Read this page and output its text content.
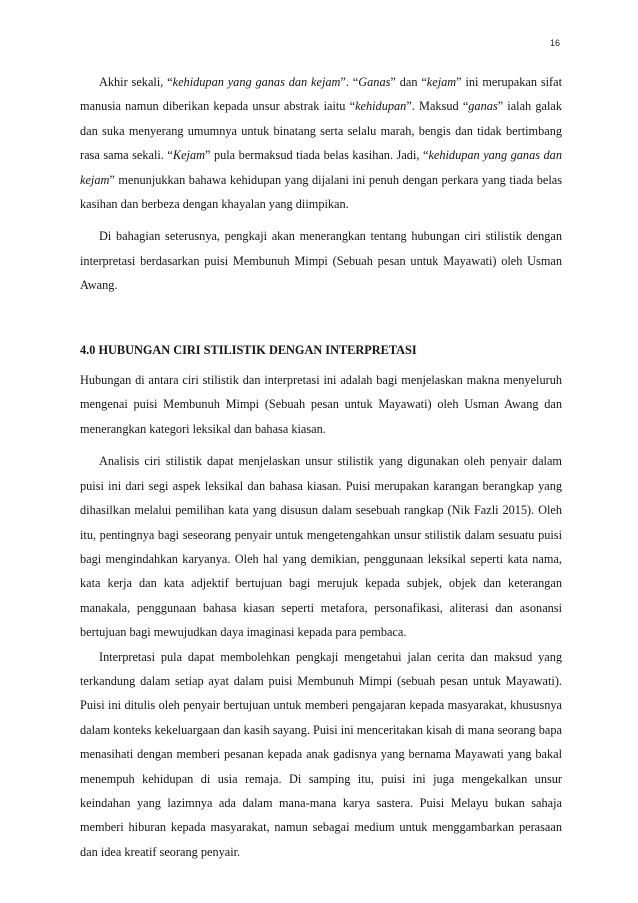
16

Akhir sekali, “kehidupan yang ganas dan kejam”. “Ganas” dan “kejam” ini merupakan sifat manusia namun diberikan kepada unsur abstrak iaitu “kehidupan”. Maksud “ganas” ialah galak dan suka menyerang umumnya untuk binatang serta selalu marah, bengis dan tidak bertimbang rasa sama sekali. “Kejam” pula bermaksud tiada belas kasihan. Jadi, “kehidupan yang ganas dan kejam” menunjukkan bahawa kehidupan yang dijalani ini penuh dengan perkara yang tiada belas kasihan dan berbeza dengan khayalan yang diimpikan.

Di bahagian seterusnya, pengkaji akan menerangkan tentang hubungan ciri stilistik dengan interpretasi berdasarkan puisi Membunuh Mimpi (Sebuah pesan untuk Mayawati) oleh Usman Awang.

4.0 HUBUNGAN CIRI STILISTIK DENGAN INTERPRETASI

Hubungan di antara ciri stilistik dan interpretasi ini adalah bagi menjelaskan makna menyeluruh mengenai puisi Membunuh Mimpi (Sebuah pesan untuk Mayawati) oleh Usman Awang dan menerangkan kategori leksikal dan bahasa kiasan.

Analisis ciri stilistik dapat menjelaskan unsur stilistik yang digunakan oleh penyair dalam puisi ini dari segi aspek leksikal dan bahasa kiasan. Puisi merupakan karangan berangkap yang dihasilkan melalui pemilihan kata yang disusun dalam sesebuah rangkap (Nik Fazli 2015). Oleh itu, pentingnya bagi seseorang penyair untuk mengetengahkan unsur stilistik dalam sesuatu puisi bagi mengindahkan karyanya. Oleh hal yang demikian, penggunaan leksikal seperti kata nama, kata kerja dan kata adjektif bertujuan bagi merujuk kepada subjek, objek dan keterangan manakala, penggunaan bahasa kiasan seperti metafora, personafikasi, aliterasi dan asonansi bertujuan bagi mewujudkan daya imaginasi kepada para pembaca.

Interpretasi pula dapat membolehkan pengkaji mengetahui jalan cerita dan maksud yang terkandung dalam setiap ayat dalam puisi Membunuh Mimpi (sebuah pesan untuk Mayawati). Puisi ini ditulis oleh penyair bertujuan untuk memberi pengajaran kepada masyarakat, khususnya dalam konteks kekeluargaan dan kasih sayang. Puisi ini menceritakan kisah di mana seorang bapa menasihati dengan memberi pesanan kepada anak gadisnya yang bernama Mayawati yang bakal menempuh kehidupan di usia remaja. Di samping itu, puisi ini juga mengekalkan unsur keindahan yang lazimnya ada dalam mana-mana karya sastera. Puisi Melayu bukan sahaja memberi hiburan kepada masyarakat, namun sebagai medium untuk menggambarkan perasaan dan idea kreatif seorang penyair.
